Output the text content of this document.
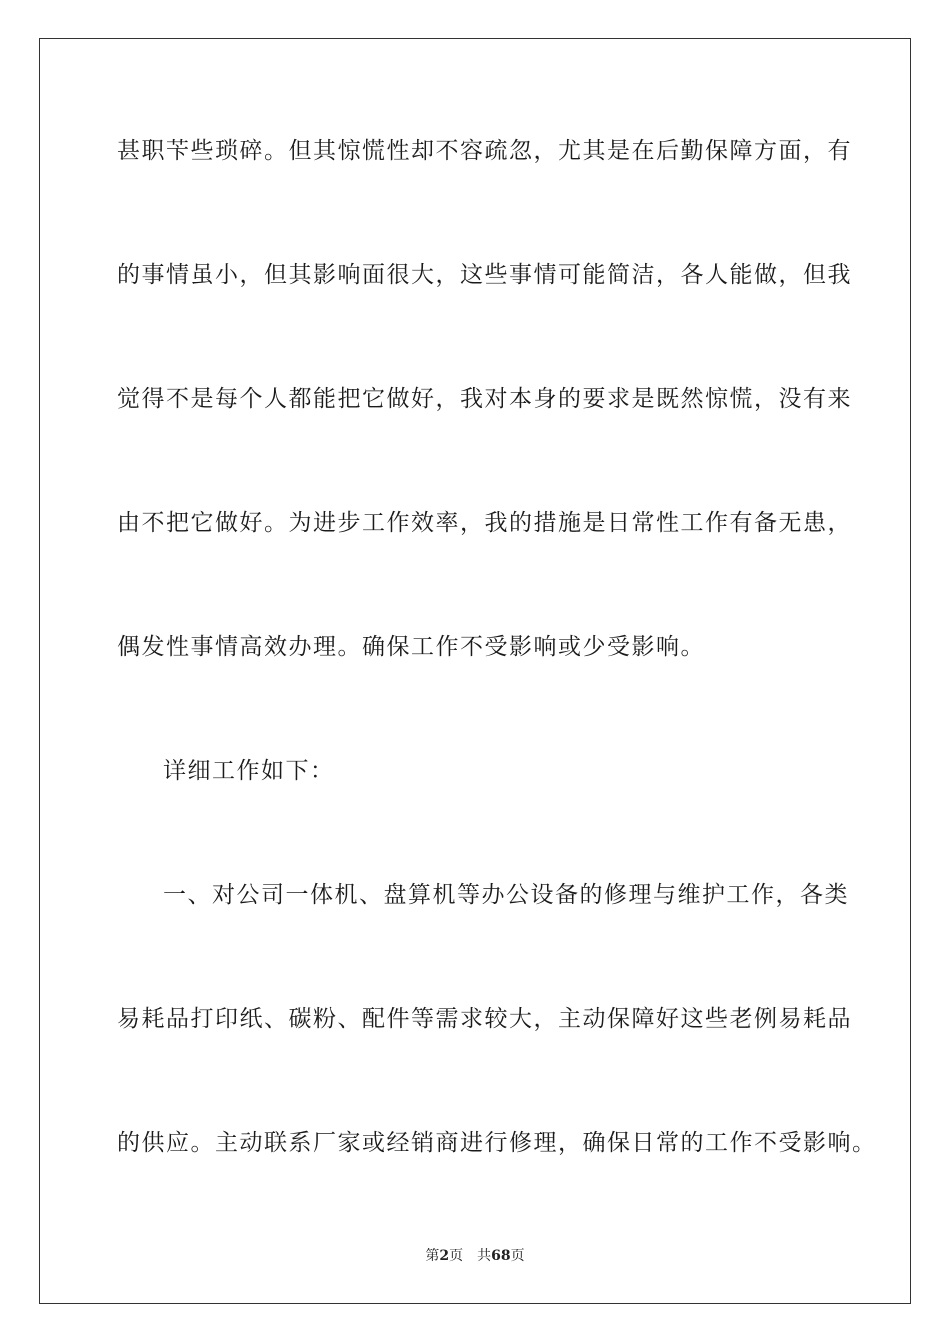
甚职苄些琐碎。但其惊慌性却不容疏忽，尤其是在后勤保障方面，有
的事情虽小，但其影响面很大，这些事情可能简洁，各人能做，但我
觉得不是每个人都能把它做好，我对本身的要求是既然惊慌，没有来
由不把它做好。为进步工作效率，我的措施是日常性工作有备无患，
偶发性事情高效办理。确保工作不受影响或少受影响。
详细工作如下：
一、对公司一体机、盘算机等办公设备的修理与维护工作，各类
易耗品打印纸、碳粉、配件等需求较大，主动保障好这些老例易耗品
的供应。主动联系厂家或经销商进行修理，确保日常的工作不受影响。
第2页 共68页
